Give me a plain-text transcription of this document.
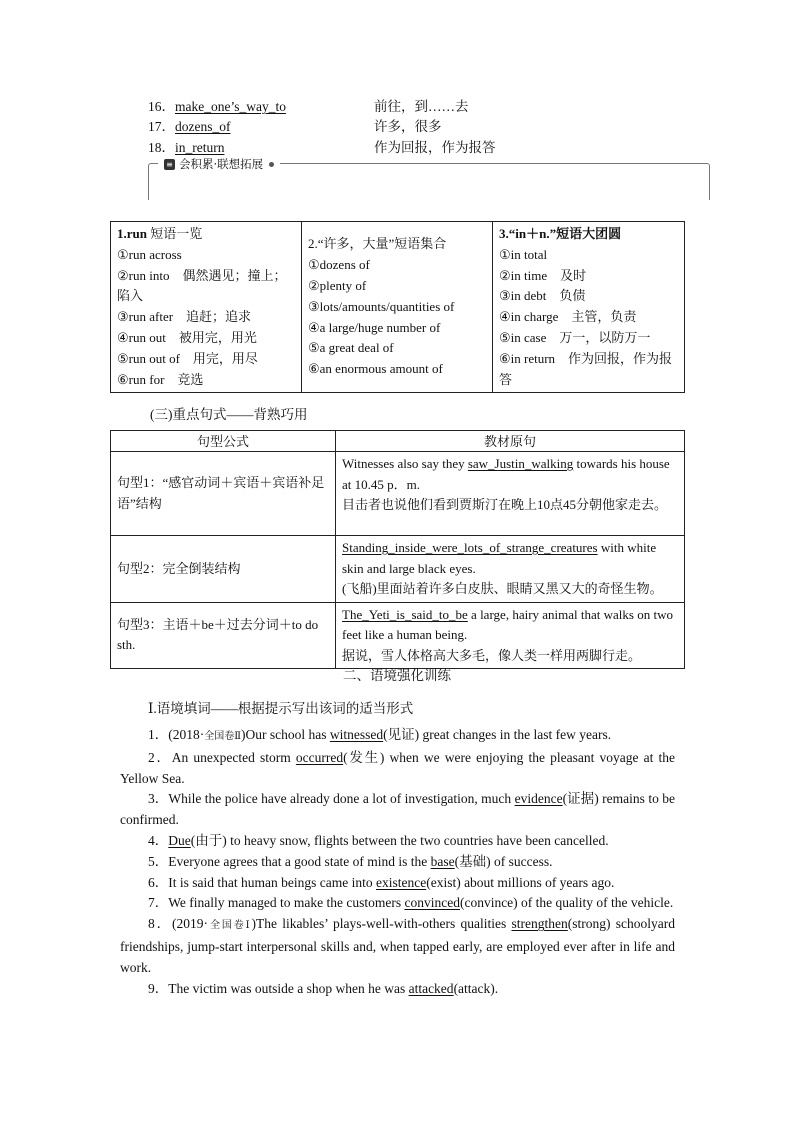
16．make_one’s_way_to	前往，到……去
17．dozens_of	许多，很多
18．in_return	作为回报，作为报答
≡ 会积累·联想拓展
1.run 短语一览
①run across
②run into　偶然遇见；撞上；陷入
③run after　追赶；追求
④run out　被用完，用光
⑤run out of　用完，用尽
⑥run for　竞选

2.“许多，大量”短语集合
①dozens of
②plenty of
③lots/amounts/quantities of
④a large/huge number of
⑤a great deal of
⑥an enormous amount of

3.“in＋n.”短语大团圆
①in total
②in time　及时
③in debt　负债
④in charge　主管，负责
⑤in case　万一，以防万一
⑥in return　作为回报，作为报答
(三)重点句式——背熟巧用
句型公式	教材原句
句型1：“感官动词＋宾语＋宾语补足语”结构	Witnesses also say they saw_Justin_walking towards his house at 10.45 p．m.
目击者也说他们看到贾斯汀在晚上10点45分朝他家走去。
句型2：完全倒装结构	Standing_inside_were_lots_of_strange_creatures with white skin and large black eyes.
(飞船)里面站着许多白皮肤、眼睛又黑又大的奇怪生物。
句型3：主语＋be＋过去分词＋to do sth.	The_Yeti_is_said_to_be a large, hairy animal that walks on two feet like a human being.
据说，雪人体格高大多毛，像人类一样用两脚行走。
二、语境强化训练
Ⅰ.语境填词——根据提示写出该词的适当形式

1．(2018·全国卷Ⅱ)Our school has witnessed(见证) great changes in the last few years.

2．An unexpected storm occurred(发生) when we were enjoying the pleasant voyage at the Yellow Sea.

3．While the police have already done a lot of investigation, much evidence(证据) remains to be confirmed.

4．Due(由于) to heavy snow, flights between the two countries have been cancelled.

5．Everyone agrees that a good state of mind is the base(基础) of success.

6．It is said that human beings came into existence(exist) about millions of years ago.

7．We finally managed to make the customers convinced(convince) of the quality of the vehicle.

8．(2019·全国卷Ⅰ)The likables’ plays-well-with-others qualities strengthen(strong) schoolyard friendships, jump-start interpersonal skills and, when tapped early, are employed ever after in life and work.

9．The victim was outside a shop when he was attacked(attack).
